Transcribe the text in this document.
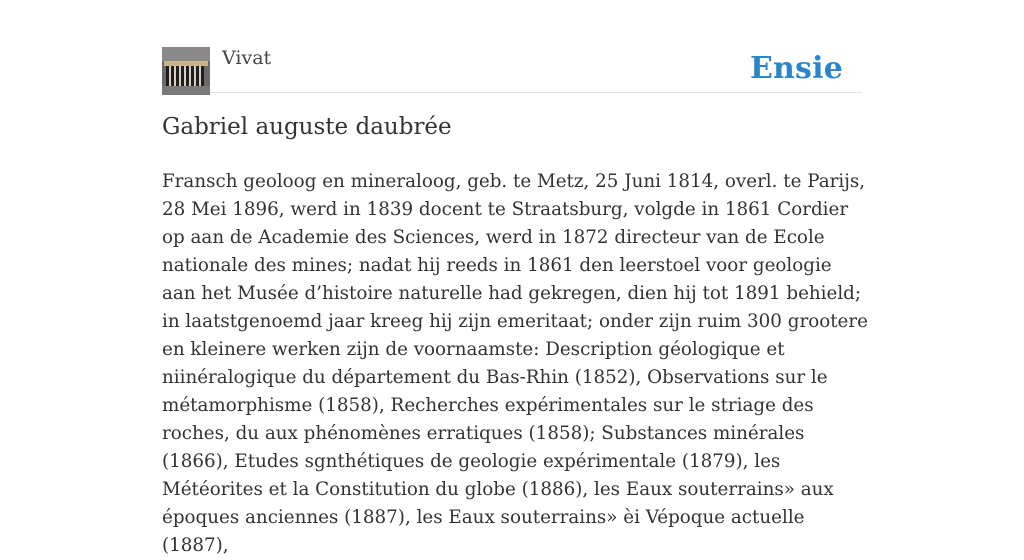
Vivat	Ensie
Gabriel auguste daubrée

Fransch geoloog en mineraloog, geb. te Metz, 25 Juni 1814, overl. te Parijs, 28 Mei 1896, werd in 1839 docent te Straatsburg, volgde in 1861 Cordier op aan de Academie des Sciences, werd in 1872 directeur van de Ecole nationale des mines; nadat hij reeds in 1861 den leerstoel voor geologie aan het Musée d’histoire naturelle had gekregen, dien hij tot 1891 behield; in laatstgenoemd jaar kreeg hij zijn emeritaat; onder zijn ruim 300 grootere en kleinere werken zijn de voornaamste: Description géologique et niinéralogique du département du Bas-Rhin (1852), Observations sur le métamorphisme (1858), Recherches expérimentales sur le striage des roches, du aux phénomènes erratiques (1858); Substances minérales (1866), Etudes sgnthétiques de geologie expérimentale (1879), les Météorites et la Constitution du globe (1886), les Eaux souterrains» aux époques anciennes (1887), les Eaux souterrains» èi Vépoque actuelle (1887),
